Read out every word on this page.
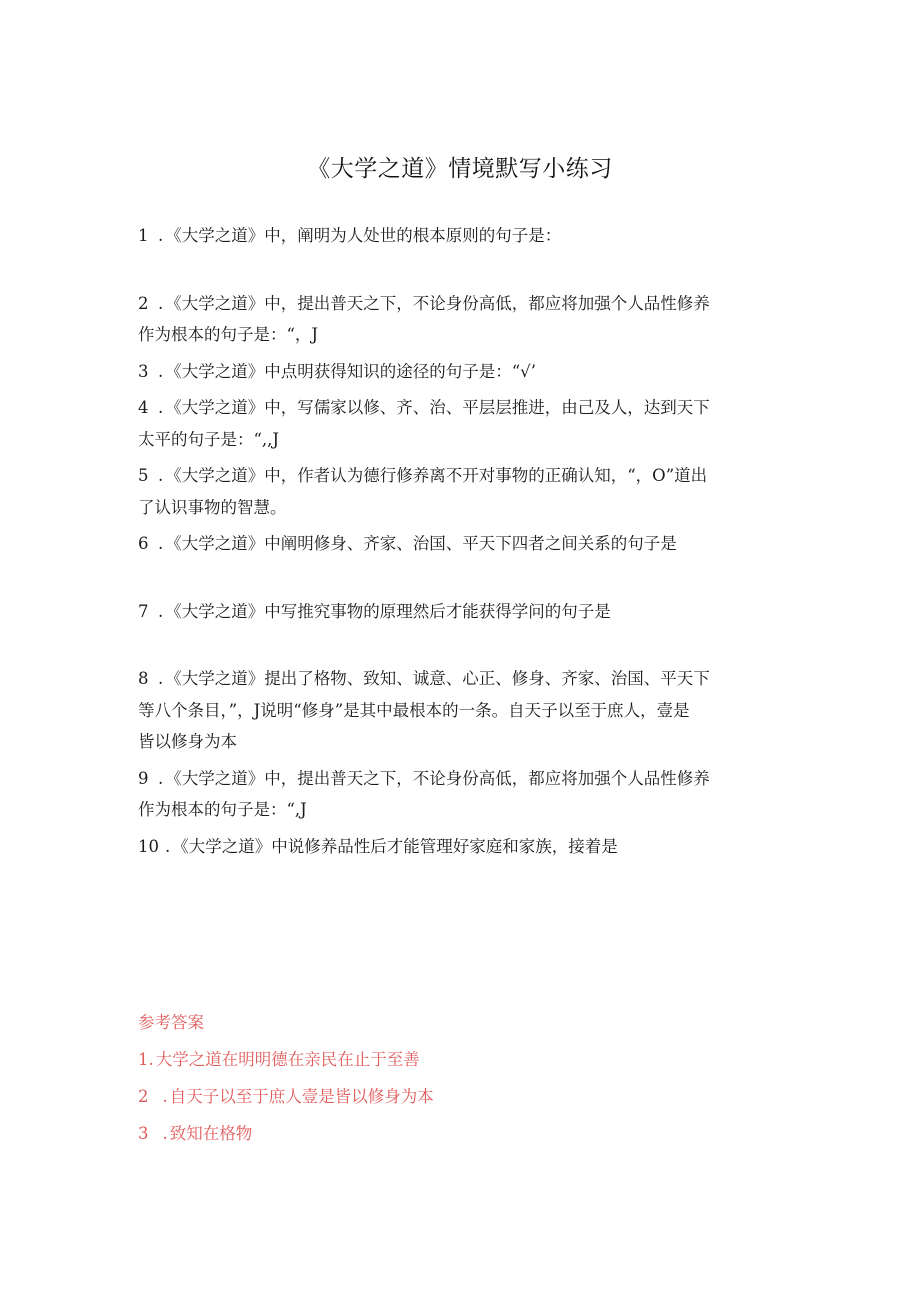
《大学之道》情境默写小练习
1 . 《大学之道》中，阐明为人处世的根本原则的句子是：
2 . 《大学之道》中，提出普天之下，不论身份高低，都应将加强个人品性修养
作为根本的句子是：“，J
3 . 《大学之道》中点明获得知识的途径的句子是：“√’
4 . 《大学之道》中，写儒家以修、齐、治、平层层推进，由己及人，达到天下
太平的句子是：“,,J
5 . 《大学之道》中，作者认为德行修养离不开对事物的正确认知，“，O”道出
了认识事物的智慧。
6 . 《大学之道》中阐明修身、齐家、治国、平天下四者之间关系的句子是
7 . 《大学之道》中写推究事物的原理然后才能获得学问的句子是
8 . 《大学之道》提出了格物、致知、诚意、心正、修身、齐家、治国、平天下
等八个条目，”，J说明“修身”是其中最根本的一条。自天子以至于庶人，壹是
皆以修身为本
9 . 《大学之道》中，提出普天之下，不论身份高低，都应将加强个人品性修养
作为根本的句子是：“,J
10 . 《大学之道》中说修养品性后才能管理好家庭和家族，接着是
参考答案
1. 大学之道在明明德在亲民在止于至善
2 . 自天子以至于庶人壹是皆以修身为本
3 . 致知在格物
